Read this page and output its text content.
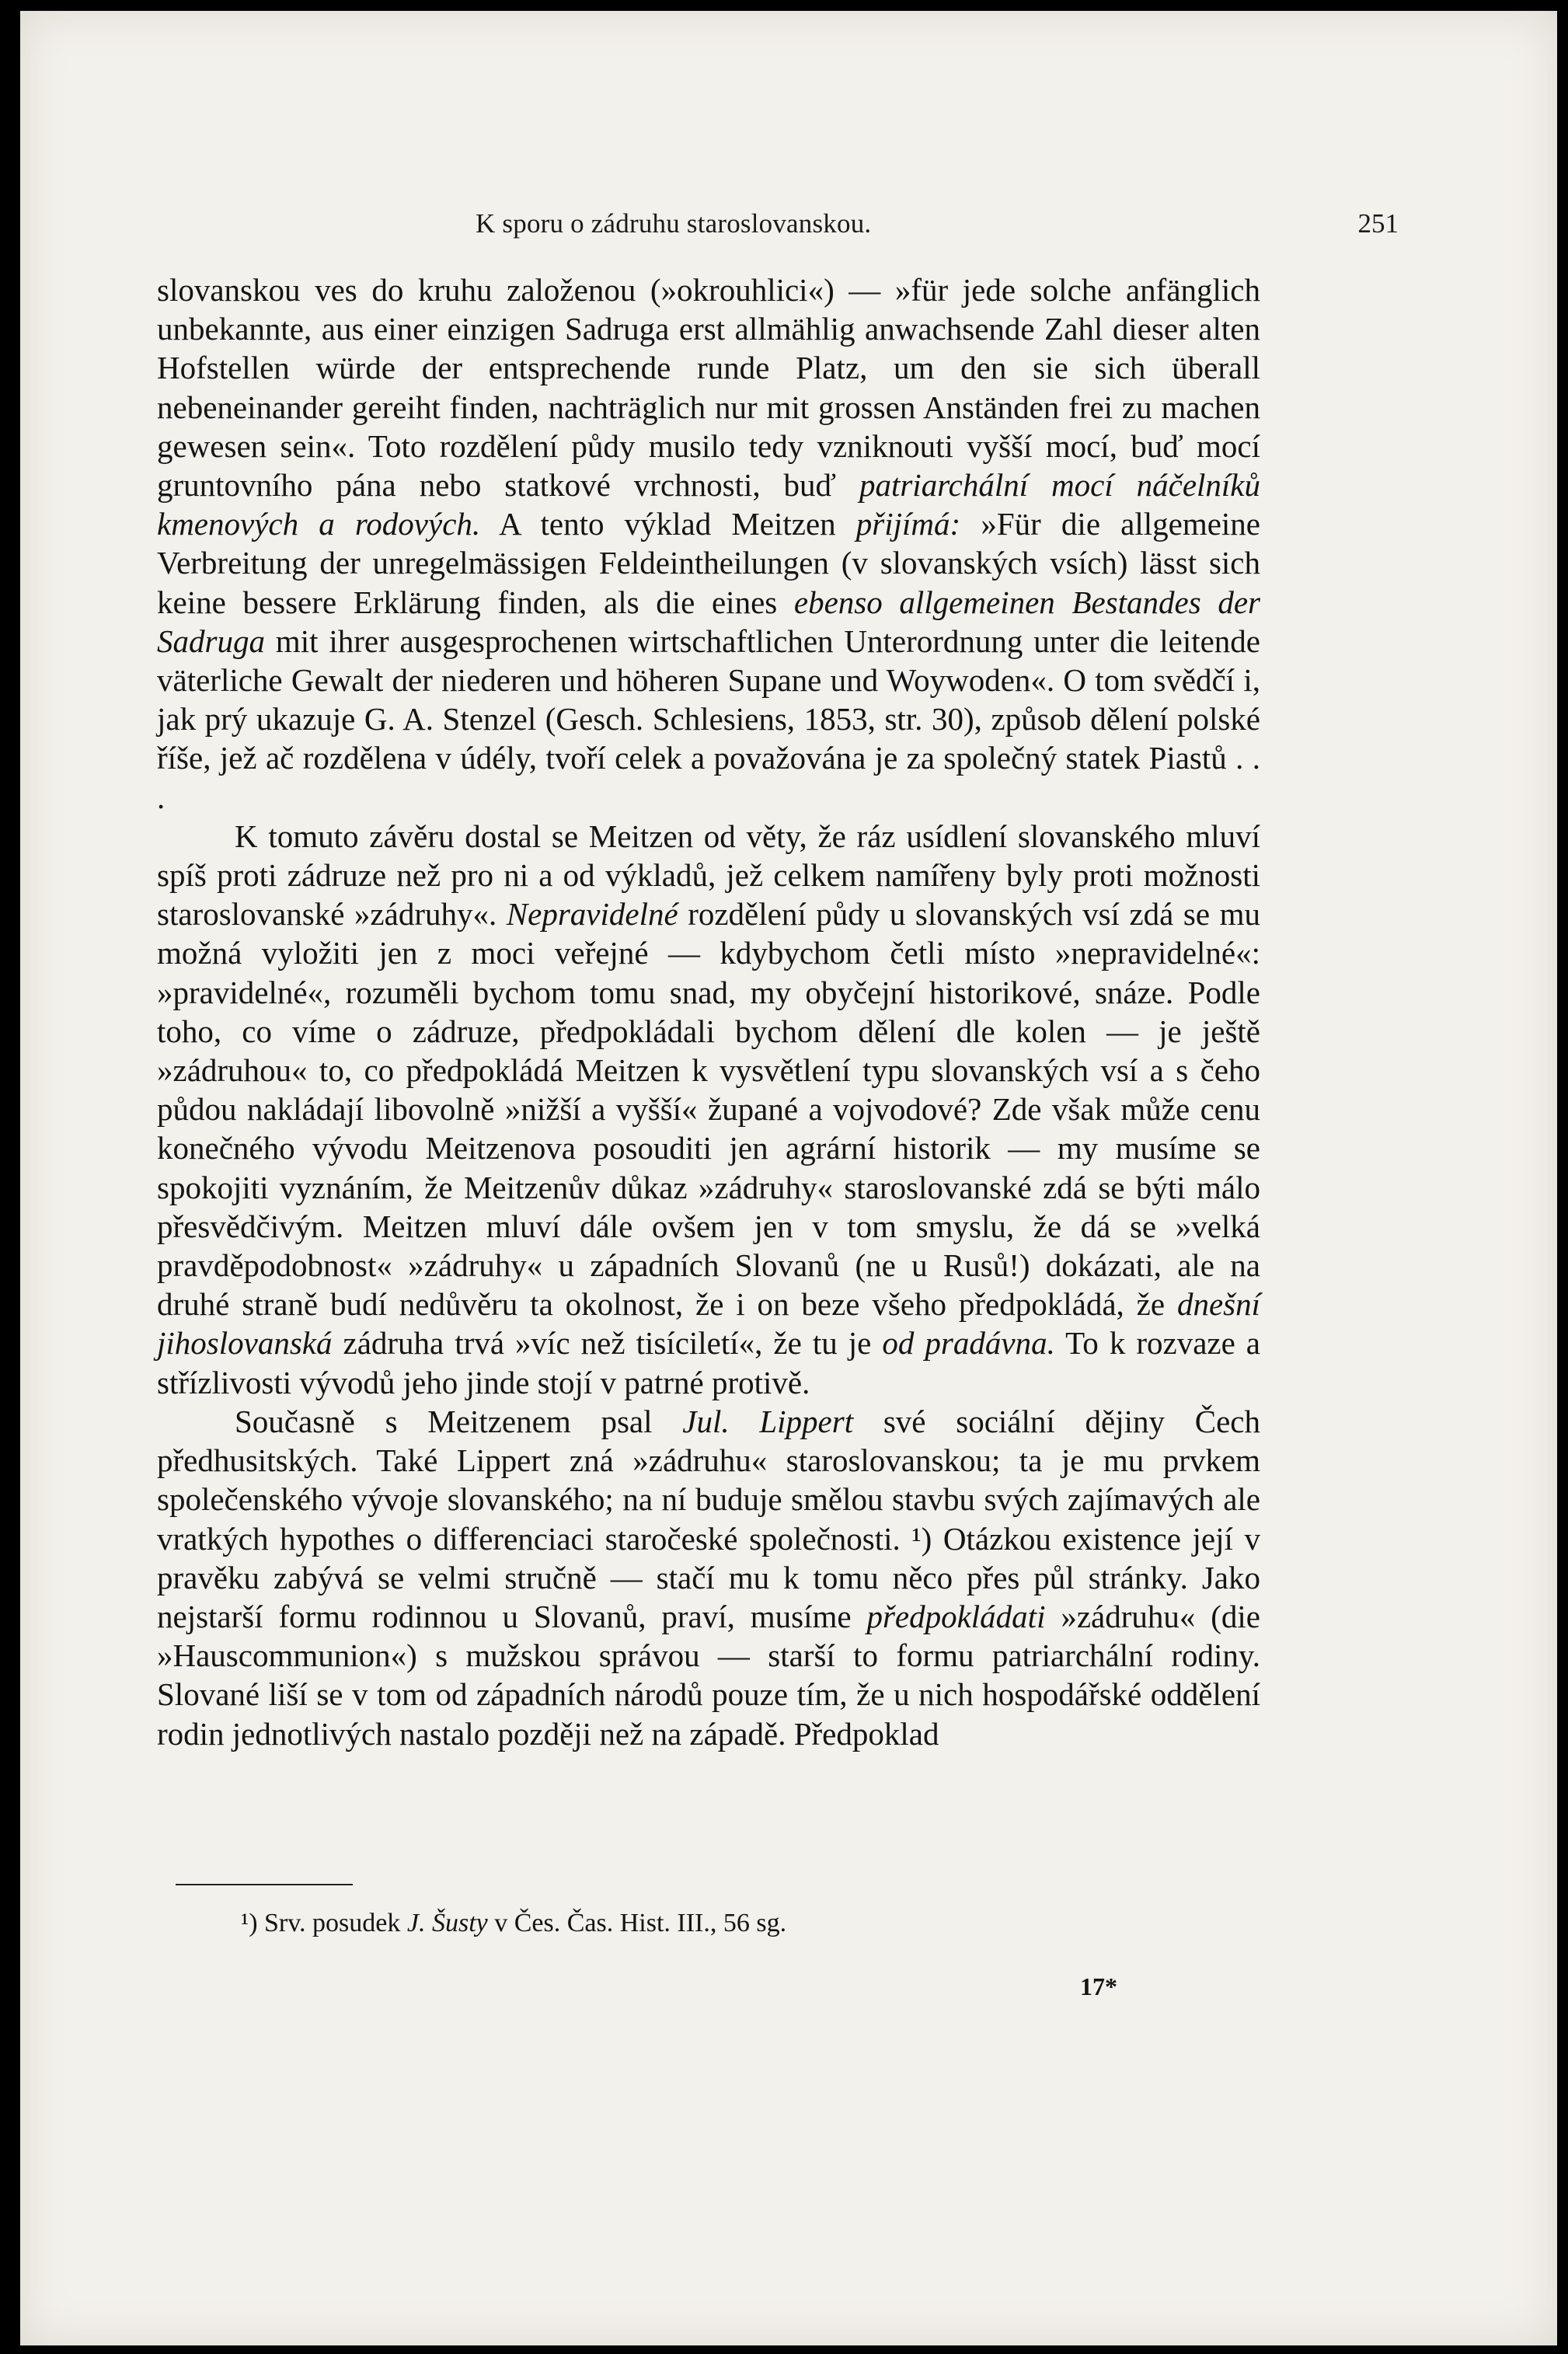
K sporu o zádruhu staroslovanskou.	251

slovanskou ves do kruhu založenou (»okrouhlici«) — »für jede solche anfänglich unbekannte, aus einer einzigen Sadruga erst allmählig anwachsende Zahl dieser alten Hofstellen würde der entsprechende runde Platz, um den sie sich überall nebeneinander gereiht finden, nachträglich nur mit grossen Anständen frei zu machen gewesen sein«. Toto rozdělení půdy musilo tedy vzniknouti vyšší mocí, buď mocí gruntovního pána nebo statkové vrchnosti, buď patriarchální mocí náčelníků kmenových a rodových. A tento výklad Meitzen přijímá: »Für die allgemeine Verbreitung der unregelmässigen Feldeintheilungen (v slovanských vsích) lässt sich keine bessere Erklärung finden, als die eines ebenso allgemeinen Bestandes der Sadruga mit ihrer ausgesprochenen wirtschaftlichen Unterordnung unter die leitende väterliche Gewalt der niederen und höheren Supane und Woywoden«. O tom svědčí i, jak prý ukazuje G. A. Stenzel (Gesch. Schlesiens, 1853, str. 30), způsob dělení polské říše, jež ač rozdělena v údély, tvoří celek a považována je za společný statek Piastů . . .

K tomuto závěru dostal se Meitzen od věty, že ráz usídlení slovanského mluví spíš proti zádruze než pro ni a od výkladů, jež celkem namířeny byly proti možnosti staroslovanské »zádruhy«. Nepravidelné rozdělení půdy u slovanských vsí zdá se mu možná vyložiti jen z moci veřejné — kdybychom četli místo »nepravidelné«: »pravidelné«, rozuměli bychom tomu snad, my obyčejní historikové, snáze. Podle toho, co víme o zádruze, předpokládali bychom dělení dle kolen — je ještě »zádruhou« to, co předpokládá Meitzen k vysvětlení typu slovanských vsí a s čeho půdou nakládají libovolně »nižší a vyšší« župané a vojvodové? Zde však může cenu konečného vývodu Meitzenova posouditi jen agrární historik — my musíme se spokojiti vyznáním, že Meitzenův důkaz »zádruhy« staroslovanské zdá se býti málo přesvědčivým. Meitzen mluví dále ovšem jen v tom smyslu, že dá se »velká pravděpodobnost« »zádruhy« u západních Slovanů (ne u Rusů!) dokázati, ale na druhé straně budí nedůvěru ta okolnost, že i on beze všeho předpokládá, že dnešní jihoslovanská zádruha trvá »víc než tisíciletí«, že tu je od pradávna. To k rozvaze a střízlivosti vývodů jeho jinde stojí v patrné protivě.

Současně s Meitzenem psal Jul. Lippert své sociální dějiny Čech předhusitských. Také Lippert zná »zádruhu« staroslovanskou; ta je mu prvkem společenského vývoje slovanského; na ní buduje smělou stavbu svých zajímavých ale vratkých hypothes o differenciaci staročeské společnosti. ¹) Otázkou existence její v pravěku zabývá se velmi stručně — stačí mu k tomu něco přes půl stránky. Jako nejstarší formu rodinnou u Slovanů, praví, musíme předpokládati »zádruhu« (die »Hauscommunion«) s mužskou správou — starší to formu patriarchální rodiny. Slované liší se v tom od západních národů pouze tím, že u nich hospodářské oddělení rodin jednotlivých nastalo později než na západě. Předpoklad

¹) Srv. posudek J. Šusty v Čes. Čas. Hist. III., 56 sg.
17*
